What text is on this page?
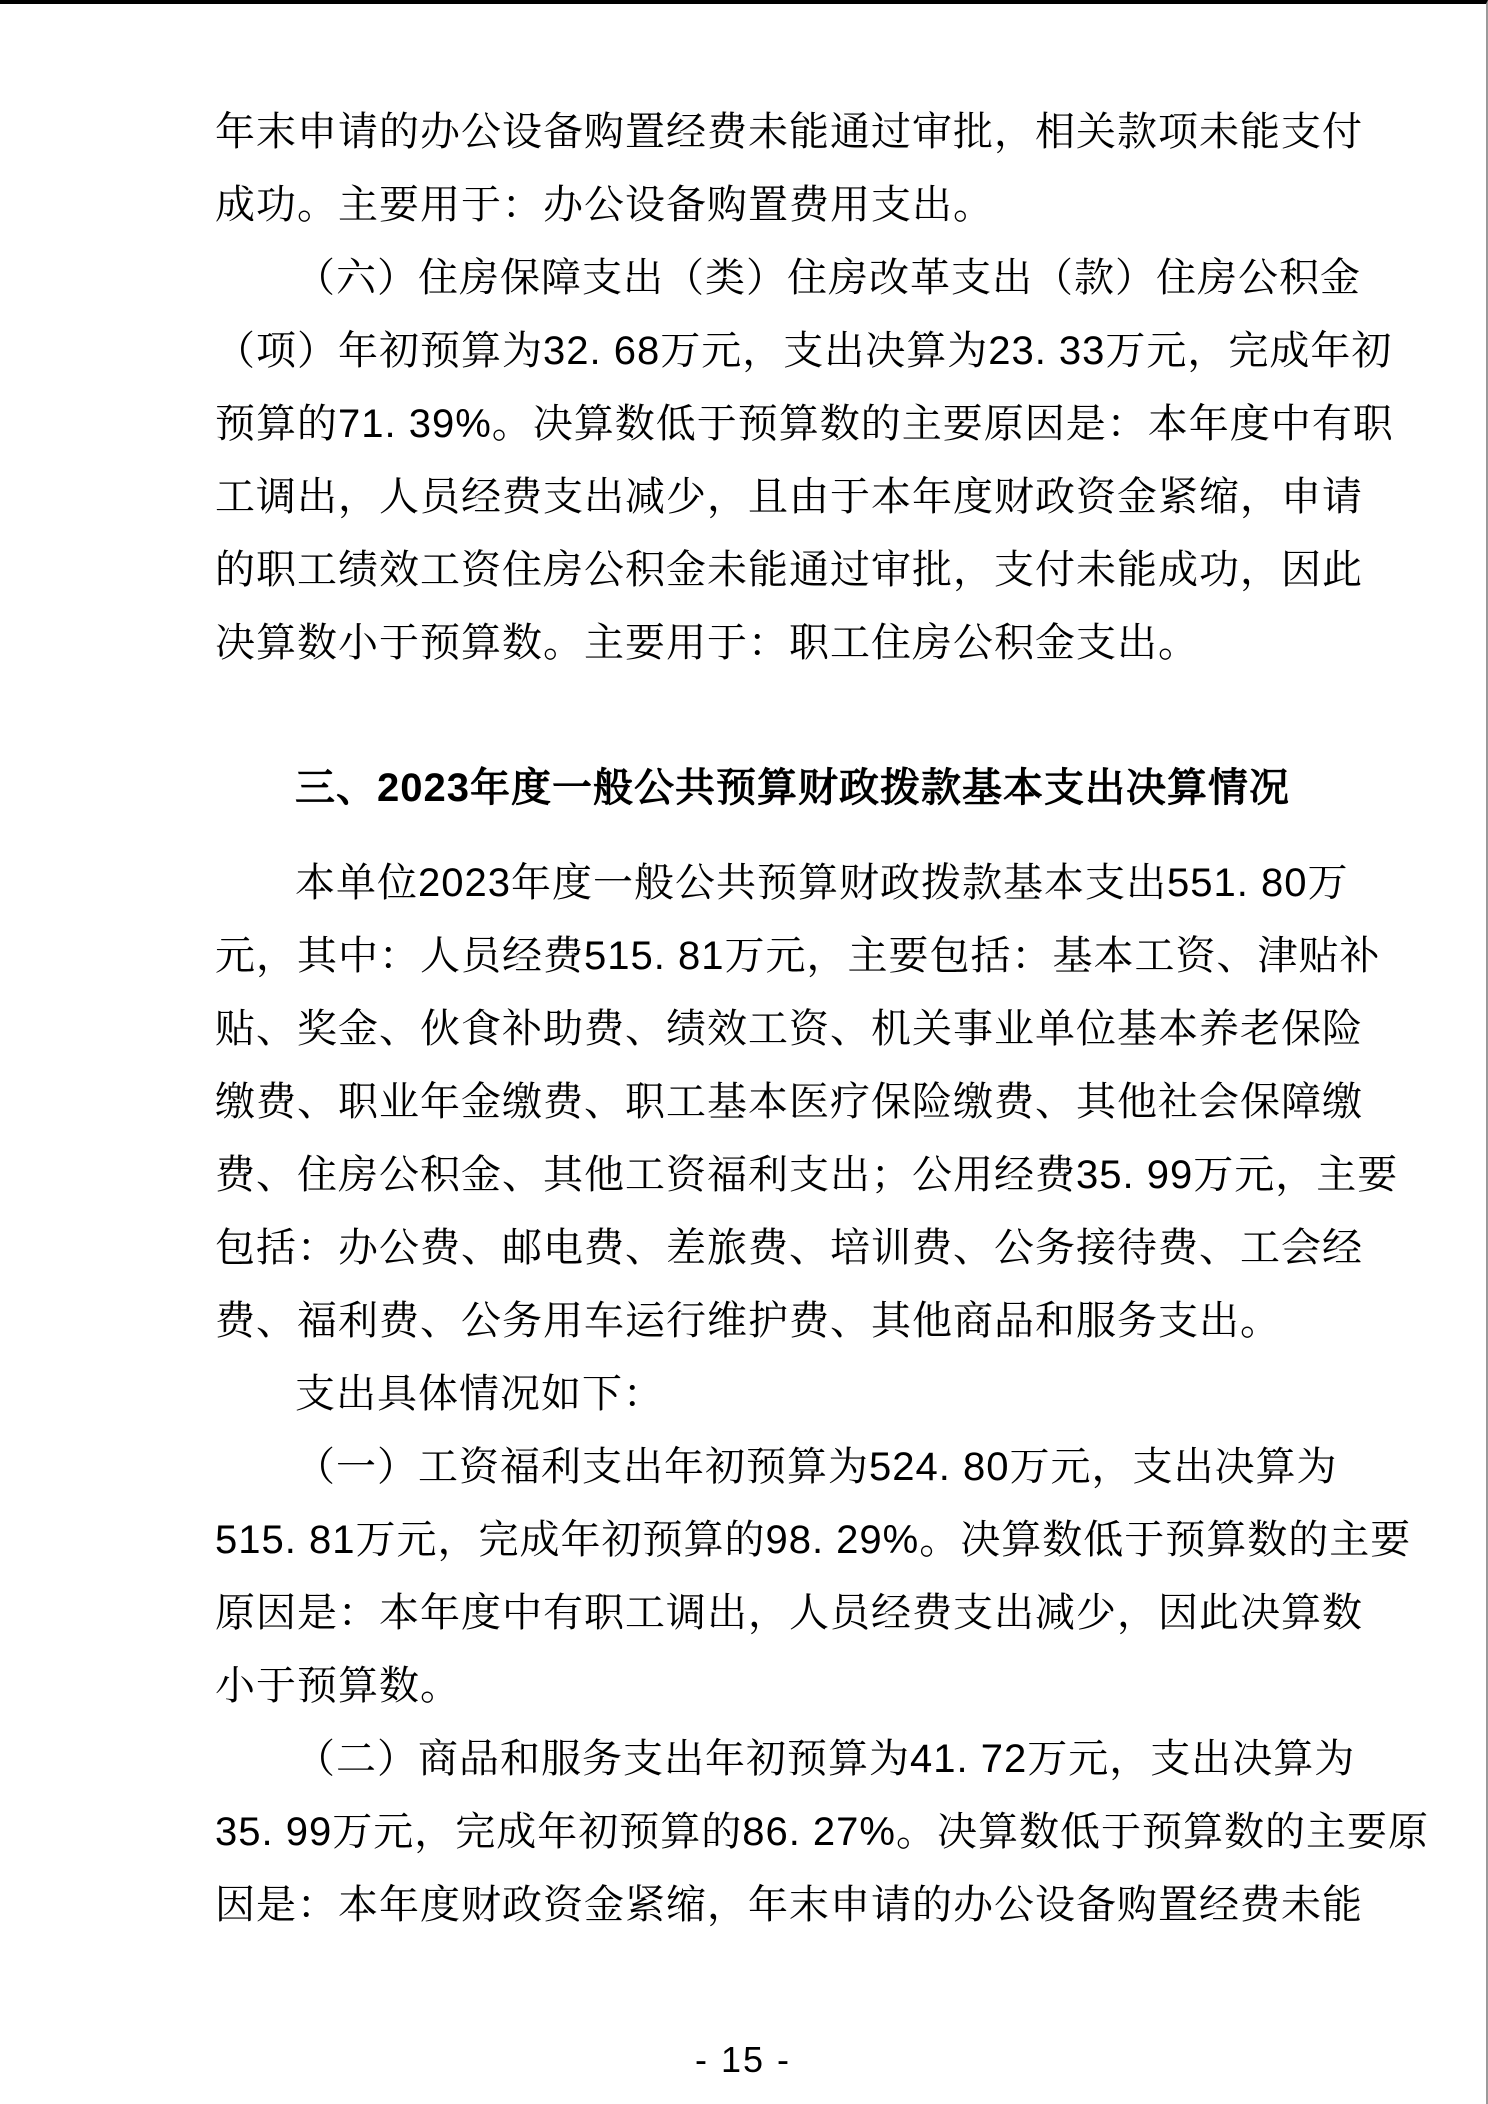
年末申请的办公设备购置经费未能通过审批，相关款项未能支付
成功。主要用于：办公设备购置费用支出。
（六）住房保障支出（类）住房改革支出（款）住房公积金
（项）年初预算为32. 68万元，支出决算为23. 33万元，完成年初
预算的71. 39%。决算数低于预算数的主要原因是：本年度中有职
工调出，人员经费支出减少，且由于本年度财政资金紧缩，申请
的职工绩效工资住房公积金未能通过审批，支付未能成功，因此
决算数小于预算数。主要用于：职工住房公积金支出。
三、2023年度一般公共预算财政拨款基本支出决算情况
本单位2023年度一般公共预算财政拨款基本支出551. 80万
元，其中：人员经费515. 81万元，主要包括：基本工资、津贴补
贴、奖金、伙食补助费、绩效工资、机关事业单位基本养老保险
缴费、职业年金缴费、职工基本医疗保险缴费、其他社会保障缴
费、住房公积金、其他工资福利支出；公用经费35. 99万元，主要
包括：办公费、邮电费、差旅费、培训费、公务接待费、工会经
费、福利费、公务用车运行维护费、其他商品和服务支出。
支出具体情况如下：
（一）工资福利支出年初预算为524. 80万元，支出决算为
515. 81万元，完成年初预算的98. 29%。决算数低于预算数的主要
原因是：本年度中有职工调出，人员经费支出减少，因此决算数
小于预算数。
（二）商品和服务支出年初预算为41. 72万元，支出决算为
35. 99万元，完成年初预算的86. 27%。决算数低于预算数的主要原
因是：本年度财政资金紧缩，年末申请的办公设备购置经费未能
- 15 -
